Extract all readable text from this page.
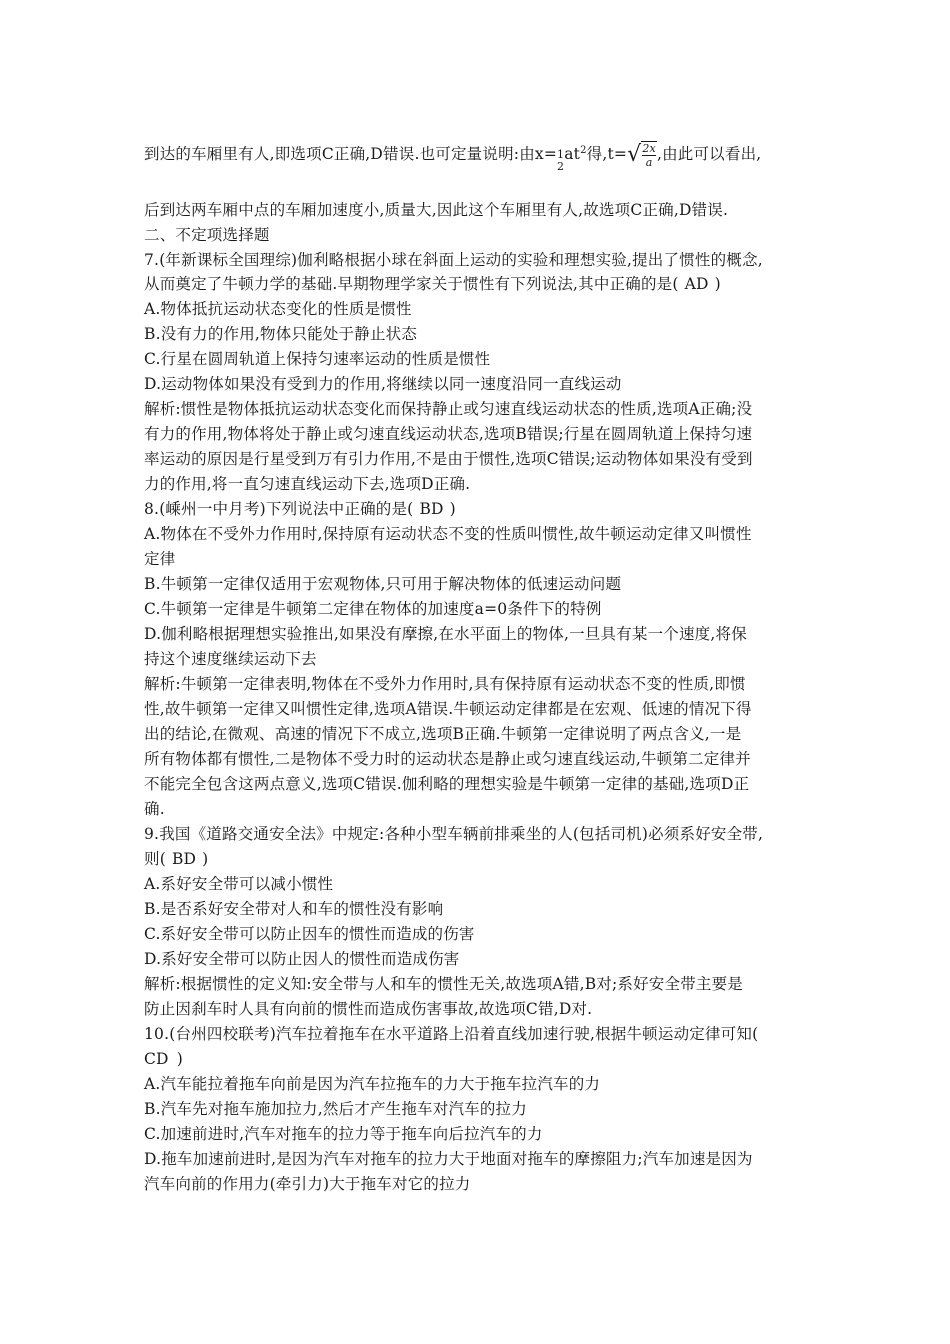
到达的车厢里有人,即选项C正确,D错误.也可定量说明:由x= 1
2
$at^2$得$,t=√ \frac{2x}{a}$ ,由此可以看出,
后到达两车厢中点的车厢加速度小,质量大,因此这个车厢里有人,故选项C正确,D错误.
二、不定项选择题
7.(年新课标全国理综)伽利略根据小球在斜面上运动的实验和理想实验,提出了惯性的概念,
从而奠定了牛顿力学的基础.早期物理学家关于惯性有下列说法,其中正确的是( AD )
A.物体抵抗运动状态变化的性质是惯性
B.没有力的作用,物体只能处于静止状态
C.行星在圆周轨道上保持匀速率运动的性质是惯性
D.运动物体如果没有受到力的作用,将继续以同一速度沿同一直线运动
解析:惯性是物体抵抗运动状态变化而保持静止或匀速直线运动状态的性质,选项A正确;没
有力的作用,物体将处于静止或匀速直线运动状态,选项B错误;行星在圆周轨道上保持匀速
率运动的原因是行星受到万有引力作用,不是由于惯性,选项C错误;运动物体如果没有受到
力的作用,将一直匀速直线运动下去,选项D正确.
8.(嵊州一中月考)下列说法中正确的是( BD )
A.物体在不受外力作用时,保持原有运动状态不变的性质叫惯性,故牛顿运动定律又叫惯性
定律
B.牛顿第一定律仅适用于宏观物体,只可用于解决物体的低速运动问题
C.牛顿第一定律是牛顿第二定律在物体的加速度a=0条件下的特例
D.伽利略根据理想实验推出,如果没有摩擦,在水平面上的物体,一旦具有某一个速度,将保
持这个速度继续运动下去
解析:牛顿第一定律表明,物体在不受外力作用时,具有保持原有运动状态不变的性质,即惯
性,故牛顿第一定律又叫惯性定律,选项A错误.牛顿运动定律都是在宏观、低速的情况下得
出的结论,在微观、高速的情况下不成立,选项B正确.牛顿第一定律说明了两点含义,一是
所有物体都有惯性,二是物体不受力时的运动状态是静止或匀速直线运动,牛顿第二定律并
不能完全包含这两点意义,选项C错误.伽利略的理想实验是牛顿第一定律的基础,选项D正
确.
9.我国《道路交通安全法》中规定:各种小型车辆前排乘坐的人(包括司机)必须系好安全带,
则( BD )
A.系好安全带可以减小惯性
B.是否系好安全带对人和车的惯性没有影响
C.系好安全带可以防止因车的惯性而造成的伤害
D.系好安全带可以防止因人的惯性而造成伤害
解析:根据惯性的定义知:安全带与人和车的惯性无关,故选项A错,B对;系好安全带主要是
防止因刹车时人具有向前的惯性而造成伤害事故,故选项C错,D对.
10.(台州四校联考)汽车拉着拖车在水平道路上沿着直线加速行驶,根据牛顿运动定律可知(
CD )
A.汽车能拉着拖车向前是因为汽车拉拖车的力大于拖车拉汽车的力
B.汽车先对拖车施加拉力,然后才产生拖车对汽车的拉力
C.加速前进时,汽车对拖车的拉力等于拖车向后拉汽车的力
D.拖车加速前进时,是因为汽车对拖车的拉力大于地面对拖车的摩擦阻力;汽车加速是因为
汽车向前的作用力(牵引力)大于拖车对它的拉力
